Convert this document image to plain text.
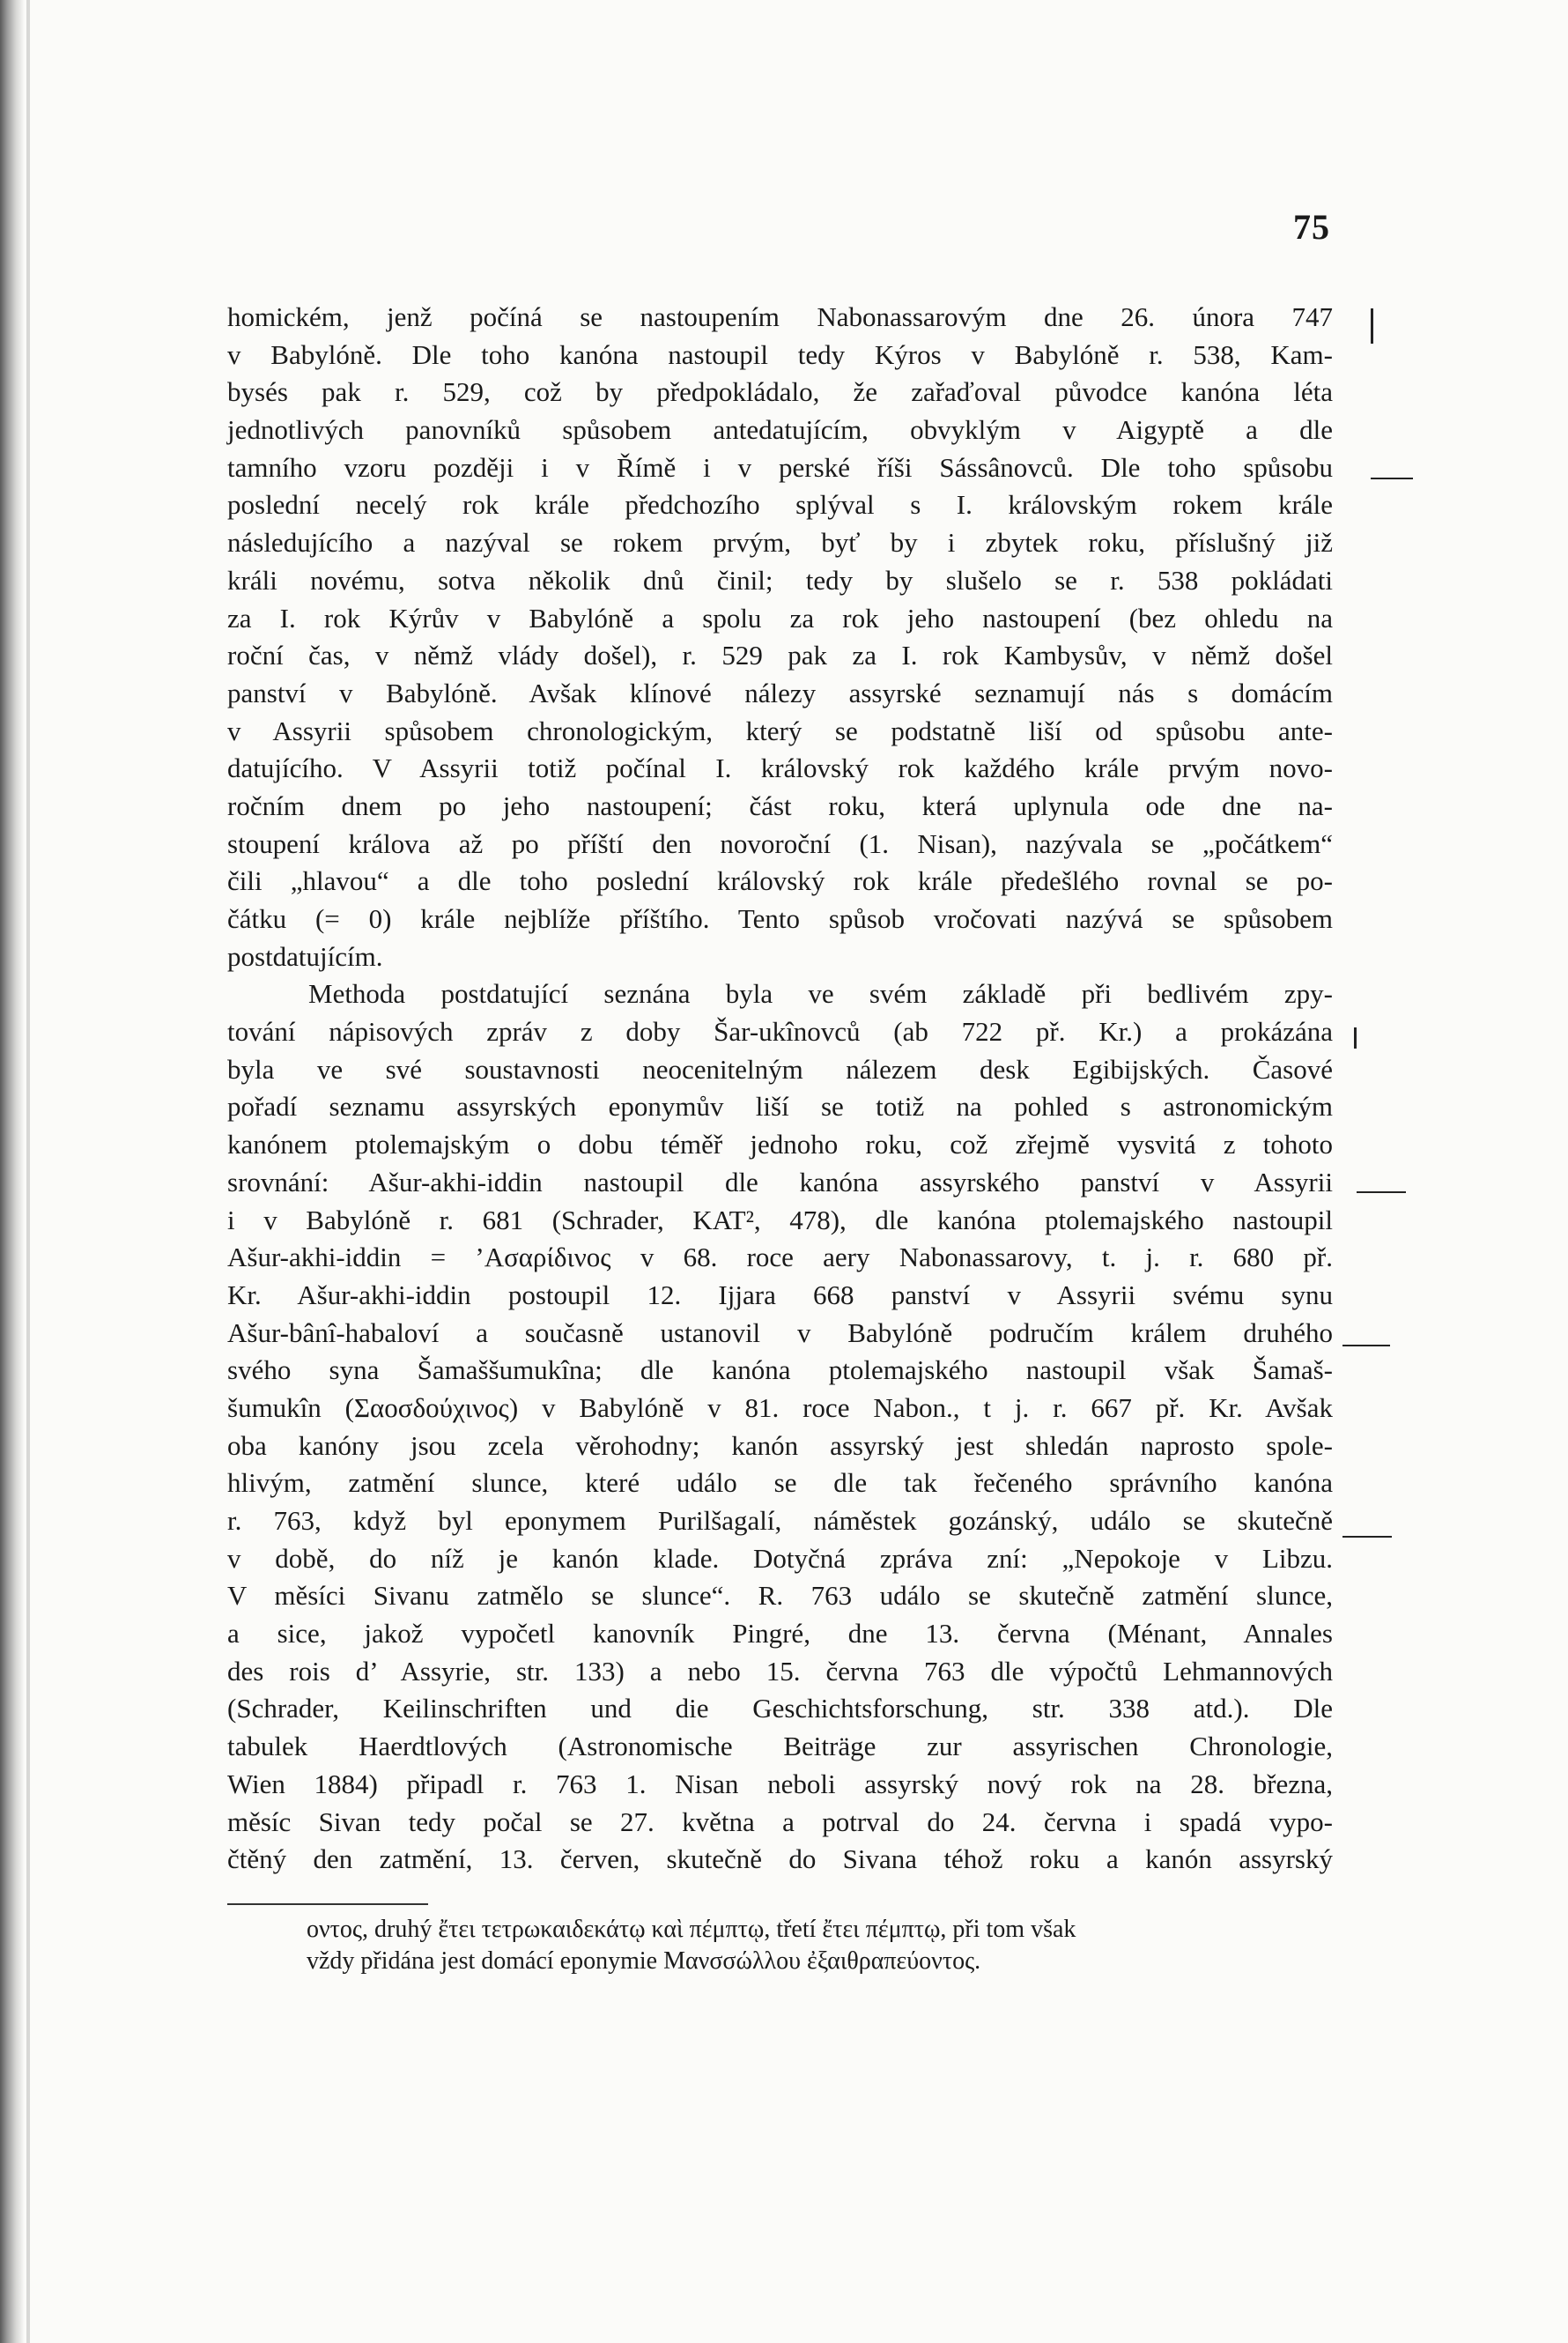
75
homickém, jenž počíná se nastoupením Nabonassarovým dne 26. února 747
v Babylóně. Dle toho kanóna nastoupil tedy Kýros v Babylóně r. 538, Kam-
bysés pak r. 529, což by předpokládalo, že zařaďoval původce kanóna léta
jednotlivých panovníků spůsobem antedatujícím, obvyklým v Aigyptě a dle
tamního vzoru později i v Římě i v perské říši Sássânovců. Dle toho spůsobu
poslední necelý rok krále předchozího splýval s I. královským rokem krále
následujícího a nazýval se rokem prvým, byť by i zbytek roku, příslušný již
králi novému, sotva několik dnů činil; tedy by slušelo se r. 538 pokládati
za I. rok Kýrův v Babylóně a spolu za rok jeho nastoupení (bez ohledu na
roční čas, v němž vlády došel), r. 529 pak za I. rok Kambysův, v němž došel
panství v Babylóně. Avšak klínové nálezy assyrské seznamují nás s domácím
v Assyrii spůsobem chronologickým, který se podstatně liší od spůsobu ante-
datujícího. V Assyrii totiž počínal I. královský rok každého krále prvým novo-
ročním dnem po jeho nastoupení; část roku, která uplynula ode dne na-
stoupení králova až po příští den novoroční (1. Nisan), nazývala se „počátkem“
čili „hlavou“ a dle toho poslední královský rok krále předešlého rovnal se po-
čátku (= 0) krále nejblíže příštího. Tento spůsob vročovati nazývá se spůsobem
postdatujícím.
Methoda postdatující seznána byla ve svém základě při bedlivém zpy-
tování nápisových zpráv z doby Šar-ukînovců (ab 722 př. Kr.) a prokázána
byla ve své soustavnosti neocenitelným nálezem desk Egibijských. Časové
pořadí seznamu assyrských eponymův liší se totiž na pohled s astronomickým
kanónem ptolemajským o dobu téměř jednoho roku, což zřejmě vysvitá z tohoto
srovnání: Ašur-akhi-iddin nastoupil dle kanóna assyrského panství v Assyrii
i v Babylóně r. 681 (Schrader, KAT², 478), dle kanóna ptolemajského nastoupil
Ašur-akhi-iddin = ’Ασαρίδινος v 68. roce aery Nabonassarovy, t. j. r. 680 př.
Kr. Ašur-akhi-iddin postoupil 12. Ijjara 668 panství v Assyrii svému synu
Ašur-bânî-habaloví a současně ustanovil v Babylóně područím králem druhého
svého syna Šamaššumukîna; dle kanóna ptolemajského nastoupil však Šamaš-
šumukîn (Σαοσδούχινος) v Babylóně v 81. roce Nabon., t j. r. 667 př. Kr. Avšak
oba kanóny jsou zcela věrohodny; kanón assyrský jest shledán naprosto spole-
hlivým, zatmění slunce, které událo se dle tak řečeného správního kanóna
r. 763, když byl eponymem Purilšagalí, náměstek gozánský, událo se skutečně
v době, do níž je kanón klade. Dotyčná zpráva zní: „Nepokoje v Libzu.
V měsíci Sivanu zatmělo se slunce“. R. 763 událo se skutečně zatmění slunce,
a sice, jakož vypočetl kanovník Pingré, dne 13. června (Ménant, Annales
des rois d’ Assyrie, str. 133) a nebo 15. června 763 dle výpočtů Lehmannových
(Schrader, Keilinschriften und die Geschichtsforschung, str. 338 atd.). Dle
tabulek Haerdtlových (Astronomische Beiträge zur assyrischen Chronologie,
Wien 1884) připadl r. 763 1. Nisan neboli assyrský nový rok na 28. března,
měsíc Sivan tedy počal se 27. května a potrval do 24. června i spadá vypo-
čtěný den zatmění, 13. červen, skutečně do Sivana téhož roku a kanón assyrský
οντος, druhý ἔτει τετρωκαιδεκάτῳ καὶ πέμπτῳ, třetí ἔτει πέμπτῳ, při tom však
vždy přidána jest domácí eponymie Μανσσώλλου ἐξαιθραπεύοντος.
